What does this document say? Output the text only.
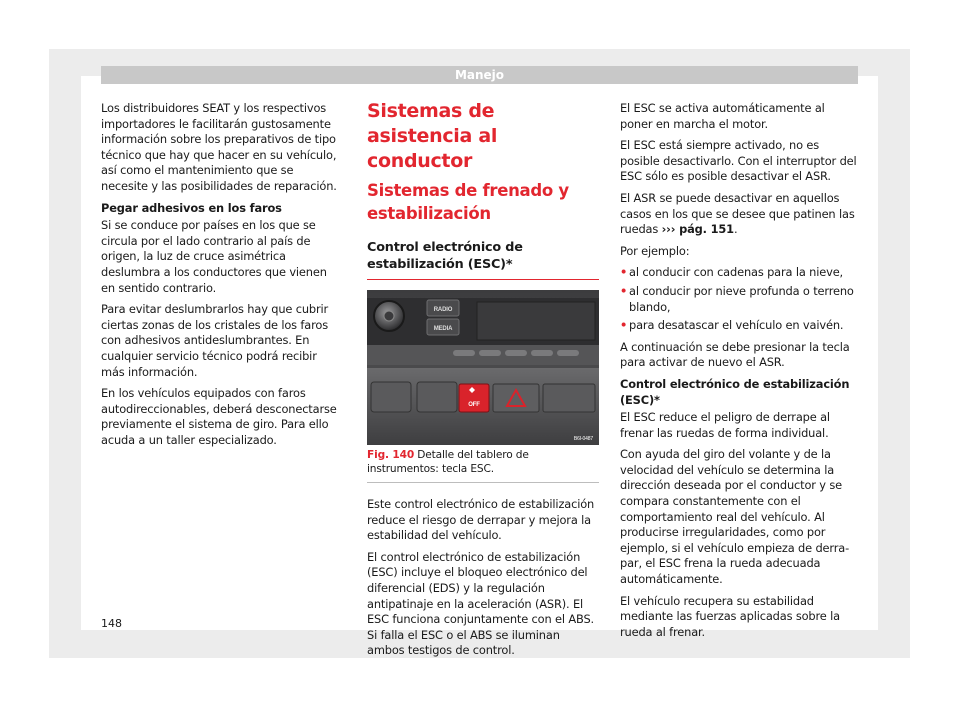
Manejo

Los distribuidores SEAT y los respectivos importadores le facilitarán gustosamente información sobre los preparativos de tipo técnico que hay que hacer en su vehículo, así como el mantenimiento que se necesite y las posibilidades de reparación.

Pegar adhesivos en los faros

Si se conduce por países en los que se circula por el lado contrario al país de origen, la luz de cruce asimétrica deslumbra a los conductores que vienen en sentido contrario.

Para evitar deslumbrarlos hay que cubrir ciertas zonas de los cristales de los faros con adhesivos antideslumbrantes. En cualquier servicio técnico podrá recibir más información.

En los vehículos equipados con faros autodireccionables, deberá desconectarse previamente el sistema de giro. Para ello acuda a un taller especializado.

Sistemas de asistencia al conductor
Sistemas de frenado y estabilización
Control electrónico de estabilización (ESC)*
RADIO
MEDIA
OFF
B6I-0487
Fig. 140 Detalle del tablero de instrumentos: tecla ESC.

Este control electrónico de estabilización reduce el riesgo de derrapar y mejora la estabilidad del vehículo.

El control electrónico de estabilización (ESC) incluye el bloqueo electrónico del diferencial (EDS) y la regulación antipatinaje en la aceleración (ASR). El ESC funciona conjuntamente con el ABS. Si falla el ESC o el ABS se iluminan ambos testigos de control.

El ESC se activa automáticamente al poner en marcha el motor.

El ESC está siempre activado, no es posible desactivarlo. Con el interruptor del ESC sólo es posible desactivar el ASR.

El ASR se puede desactivar en aquellos casos en los que se desee que patinen las ruedas ››› pág. 151.

Por ejemplo:

• al conducir con cadenas para la nieve,
• al conducir por nieve profunda o terreno blando,
• para desatascar el vehículo en vaivén.

A continuación se debe presionar la tecla para activar de nuevo el ASR.

Control electrónico de estabilización (ESC)*

El ESC reduce el peligro de derrape al frenar las ruedas de forma individual.

Con ayuda del giro del volante y de la velocidad del vehículo se determina la dirección deseada por el conductor y se compara constantemente con el comportamiento real del vehículo. Al producirse irregularidades, como por ejemplo, si el vehículo empieza de derrapar, el ESC frena la rueda adecuada automáticamente.

El vehículo recupera su estabilidad mediante las fuerzas aplicadas sobre la rueda al frenar.

148
